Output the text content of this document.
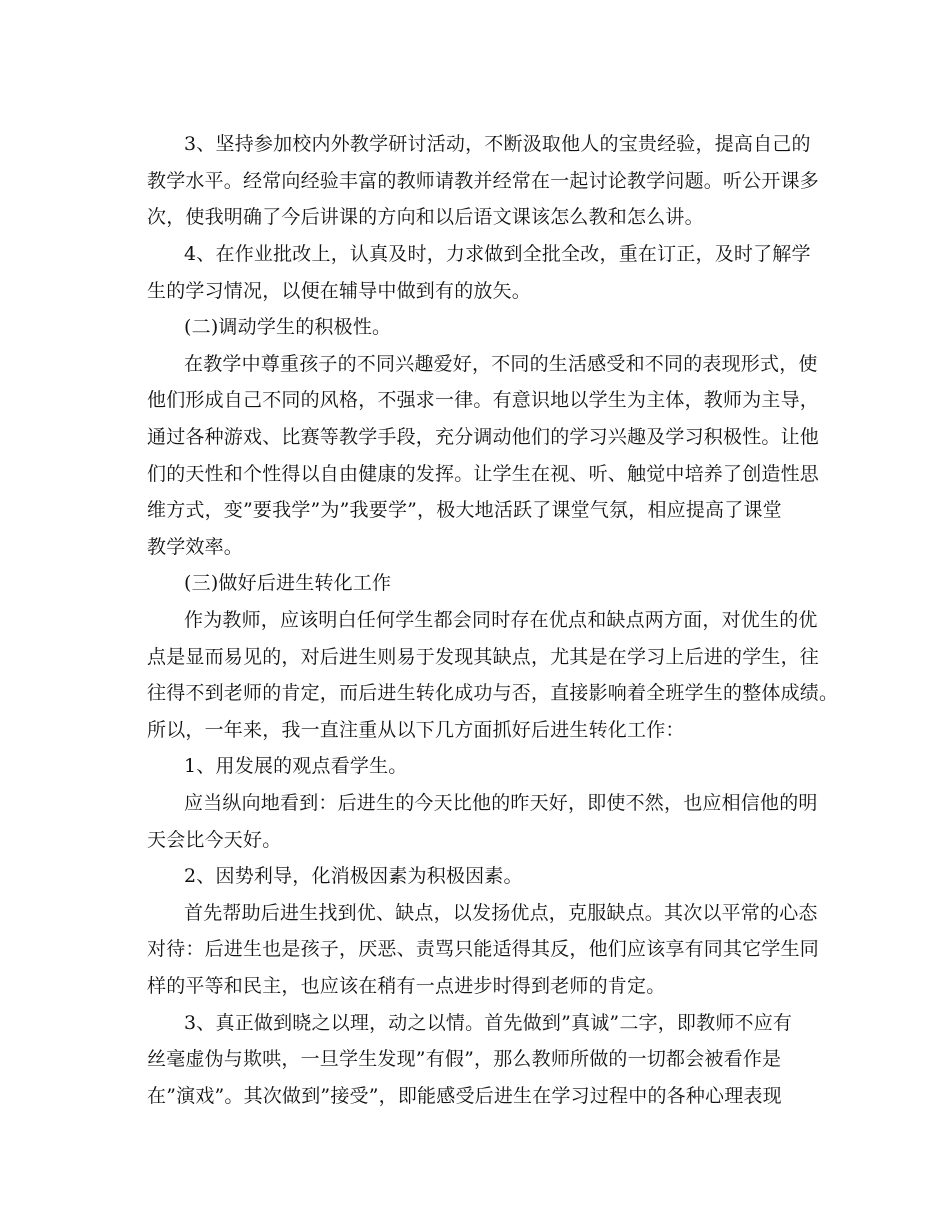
3、坚持参加校内外教学研讨活动，不断汲取他人的宝贵经验，提高自己的
教学水平。经常向经验丰富的教师请教并经常在一起讨论教学问题。听公开课多
次，使我明确了今后讲课的方向和以后语文课该怎么教和怎么讲。
4、在作业批改上，认真及时，力求做到全批全改，重在订正，及时了解学
生的学习情况，以便在辅导中做到有的放矢。
(二)调动学生的积极性。
在教学中尊重孩子的不同兴趣爱好，不同的生活感受和不同的表现形式，使
他们形成自己不同的风格，不强求一律。有意识地以学生为主体，教师为主导，
通过各种游戏、比赛等教学手段，充分调动他们的学习兴趣及学习积极性。让他
们的天性和个性得以自由健康的发挥。让学生在视、听、触觉中培养了创造性思
维方式，变”要我学”为”我要学”，极大地活跃了课堂气氛，相应提高了课堂
教学效率。
(三)做好后进生转化工作
作为教师，应该明白任何学生都会同时存在优点和缺点两方面，对优生的优
点是显而易见的，对后进生则易于发现其缺点，尤其是在学习上后进的学生，往
往得不到老师的肯定，而后进生转化成功与否，直接影响着全班学生的整体成绩。
所以，一年来，我一直注重从以下几方面抓好后进生转化工作：
1、用发展的观点看学生。
应当纵向地看到：后进生的今天比他的昨天好，即使不然，也应相信他的明
天会比今天好。
2、因势利导，化消极因素为积极因素。
首先帮助后进生找到优、缺点，以发扬优点，克服缺点。其次以平常的心态
对待：后进生也是孩子，厌恶、责骂只能适得其反，他们应该享有同其它学生同
样的平等和民主，也应该在稍有一点进步时得到老师的肯定。
3、真正做到晓之以理，动之以情。首先做到”真诚”二字，即教师不应有
丝毫虚伪与欺哄，一旦学生发现”有假”，那么教师所做的一切都会被看作是
在”演戏”。其次做到”接受”，即能感受后进生在学习过程中的各种心理表现
